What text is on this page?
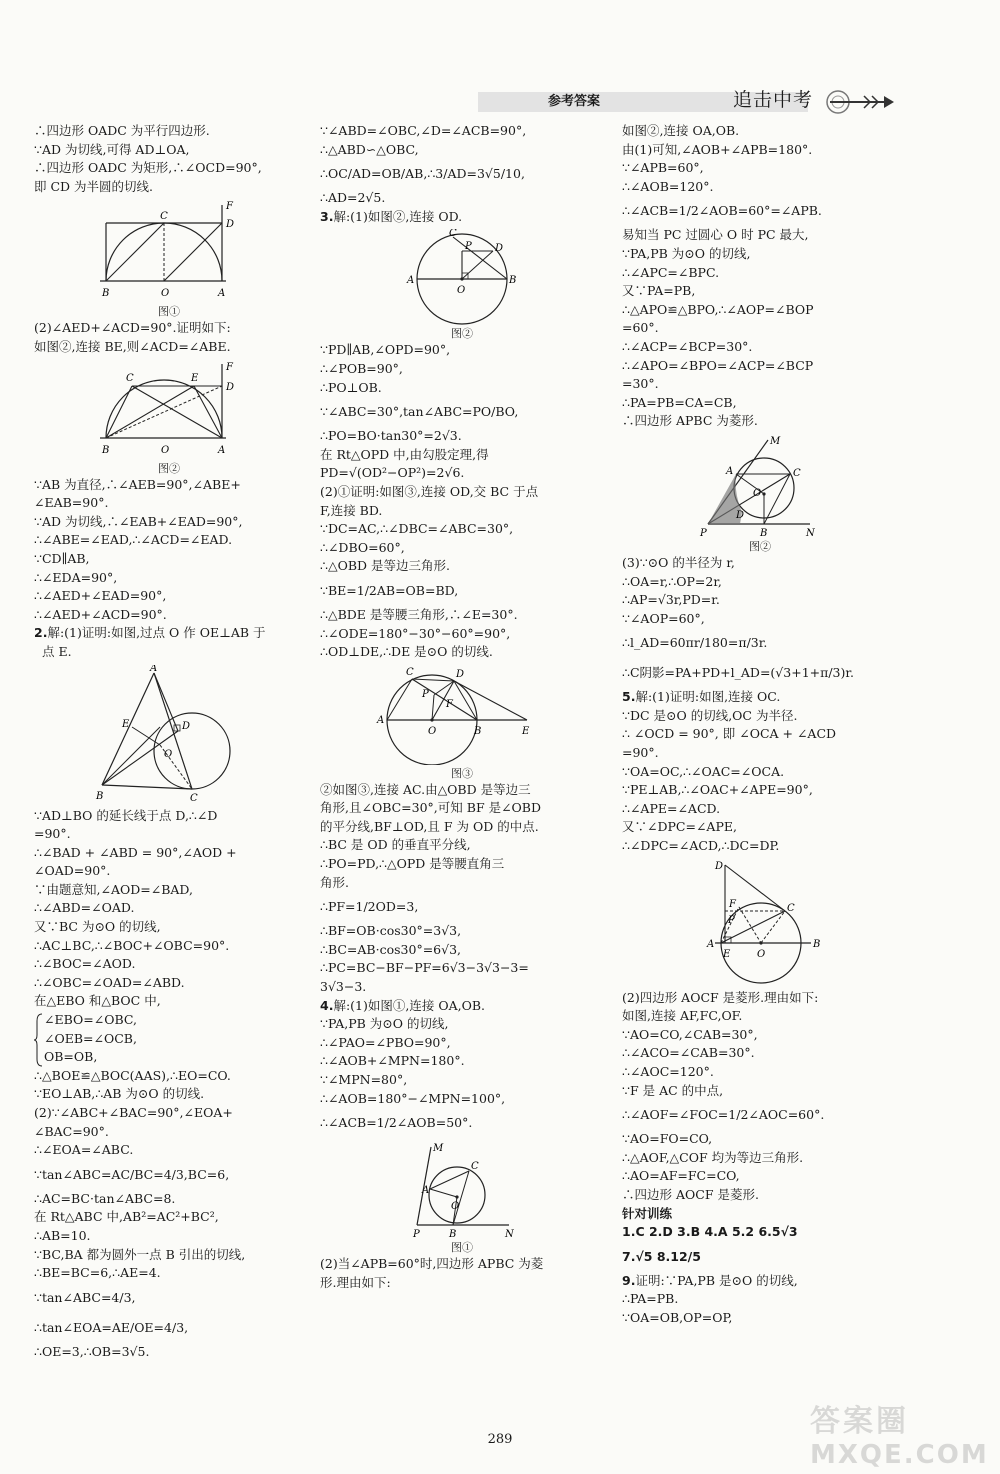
参考答案	追击中考

∴四边形 OADC 为平行四边形.

∵AD 为切线,可得 AD⊥OA,

∴四边形 OADC 为矩形,∴∠OCD=90°,

即 CD 为半圆的切线.

C
F
D
B	O	A
图①

(2)∠AED+∠ACD=90°.证明如下:

如图②,连接 BE,则∠ACD=∠ABE.

C	E
F
D
B	O	A
图②

∵AB 为直径,∴∠AEB=90°,∠ABE+

∠EAB=90°.

∵AD 为切线,∴∠EAB+∠EAD=90°,

∴∠ABE=∠EAD,∴∠ACD=∠EAD.

∵CD∥AB,

∴∠EDA=90°,

∴∠AED+∠EAD=90°,

∴∠AED+∠ACD=90°.

2.解:(1)证明:如图,过点 O 作 OE⊥AB 于

点 E.

A
E	D
O
B	C

∵AD⊥BO 的延长线于点 D,∴∠D

=90°.

∴∠BAD + ∠ABD = 90°,∠AOD +

∠OAD=90°.

∵由题意知,∠AOD=∠BAD,

∴∠ABD=∠OAD.

又∵BC 为⊙O 的切线,

∴AC⊥BC,∴∠BOC+∠OBC=90°.

∴∠BOC=∠AOD.

∴∠OBC=∠OAD=∠ABD.

在△EBO 和△BOC 中,

∠EBO=∠OBC,

∠OEB=∠OCB,

OB=OB,

∴△BOE≌△BOC(AAS),∴EO=CO.

∵EO⊥AB,∴AB 为⊙O 的切线.

(2)∵∠ABC+∠BAC=90°,∠EOA+

∠BAC=90°.

∴∠EOA=∠ABC.

∵tan∠ABC=AC/BC=4/3,BC=6,

∴AC=BC·tan∠ABC=8.

在 Rt△ABC 中,AB²=AC²+BC²,

∴AB=10.

∵BC,BA 都为圆外一点 B 引出的切线,

∴BE=BC=6,∴AE=4.

∵tan∠ABC=4/3,

∴tan∠EOA=AE/OE=4/3,

∴OE=3,∴OB=3√5.

∵∠ABD=∠OBC,∠D=∠ACB=90°,

∴△ABD∽△OBC,

∴OC/AD=OB/AB,∴3/AD=3√5/10,

∴AD=2√5.

3.解:(1)如图②,连接 OD.

C
P D
A	B
O
图②

∵PD∥AB,∠OPD=90°,

∴∠POB=90°,

∴PO⊥OB.

∵∠ABC=30°,tan∠ABC=PO/BO,

∴PO=BO·tan30°=2√3.

在 Rt△OPD 中,由勾股定理,得

PD=√(OD²−OP²)=2√6.

(2)①证明:如图③,连接 OD,交 BC 于点

F,连接 BD.

∵DC=AC,∴∠DBC=∠ABC=30°,

∴∠DBO=60°,

∴△OBD 是等边三角形.

∵BE=1/2AB=OB=BD,

∴△BDE 是等腰三角形,∴∠E=30°.

∴∠ODE=180°−30°−60°=90°,

∴OD⊥DE,∴DE 是⊙O 的切线.

C	D
P
F
A
O	B	E
图③

②如图③,连接 AC.由△OBD 是等边三

角形,且∠OBC=30°,可知 BF 是∠OBD

的平分线,BF⊥OD,且 F 为 OD 的中点.

∴BC 是 OD 的垂直平分线,

∴PO=PD,∴△OPD 是等腰直角三

角形.

∴PF=1/2OD=3,

∴BF=OB·cos30°=3√3,

∴BC=AB·cos30°=6√3,

∴PC=BC−BF−PF=6√3−3√3−3=

3√3−3.

4.解:(1)如图①,连接 OA,OB.

∵PA,PB 为⊙O 的切线,

∴∠PAO=∠PBO=90°,

∴∠AOB+∠MPN=180°.

∵∠MPN=80°,

∴∠AOB=180°−∠MPN=100°,

∴∠ACB=1/2∠AOB=50°.

M
C
A
O
P	B	N
图①

(2)当∠APB=60°时,四边形 APBC 为菱

形.理由如下:

如图②,连接 OA,OB.

由(1)可知,∠AOB+∠APB=180°.

∵∠APB=60°,

∴∠AOB=120°.

∴∠ACB=1/2∠AOB=60°=∠APB.

易知当 PC 过圆心 O 时 PC 最大,

∵PA,PB 为⊙O 的切线,

∴∠APC=∠BPC.

又∵PA=PB,

∴△APO≌△BPO,∴∠AOP=∠BOP

=60°.

∴∠ACP=∠BCP=30°.

∴∠APO=∠BPO=∠ACP=∠BCP

=30°.

∴PA=PB=CA=CB,

∴四边形 APBC 为菱形.

M
A	C
O
P
D
B	N
图②

(3)∵⊙O 的半径为 r,

∴OA=r,∴OP=2r,

∴AP=√3r,PD=r.

∵∠AOP=60°,

∴l_AD=60πr/180=π/3r.

∴C阴影=PA+PD+l_AD=(√3+1+π/3)r.

5.解:(1)证明:如图,连接 OC.

∵DC 是⊙O 的切线,OC 为半径.

∴ ∠OCD = 90°, 即 ∠OCA + ∠ACD

=90°.

∵OA=OC,∴∠OAC=∠OCA.

∵PE⊥AB,∴∠OAC+∠APE=90°,

∴∠APE=∠ACD.

又∵∠DPC=∠APE,

∴∠DPC=∠ACD,∴DC=DP.

D
C
F
P
A	B
E	O

(2)四边形 AOCF 是菱形.理由如下:

如图,连接 AF,FC,OF.

∵AO=CO,∠CAB=30°,

∴∠ACO=∠CAB=30°.

∴∠AOC=120°.

∵F 是 AC 的中点,

∴∠AOF=∠FOC=1/2∠AOC=60°.

∵AO=FO=CO,

∴△AOF,△COF 均为等边三角形.

∴AO=AF=FC=CO,

∴四边形 AOCF 是菱形.

针对训练

1.C 2.D 3.B 4.A 5.2 6.5√3

7.√5 8.12/5

9.证明:∵PA,PB 是⊙O 的切线,

∴PA=PB.

∵OA=OB,OP=OP,

289
答案圈
MXQE.COM
